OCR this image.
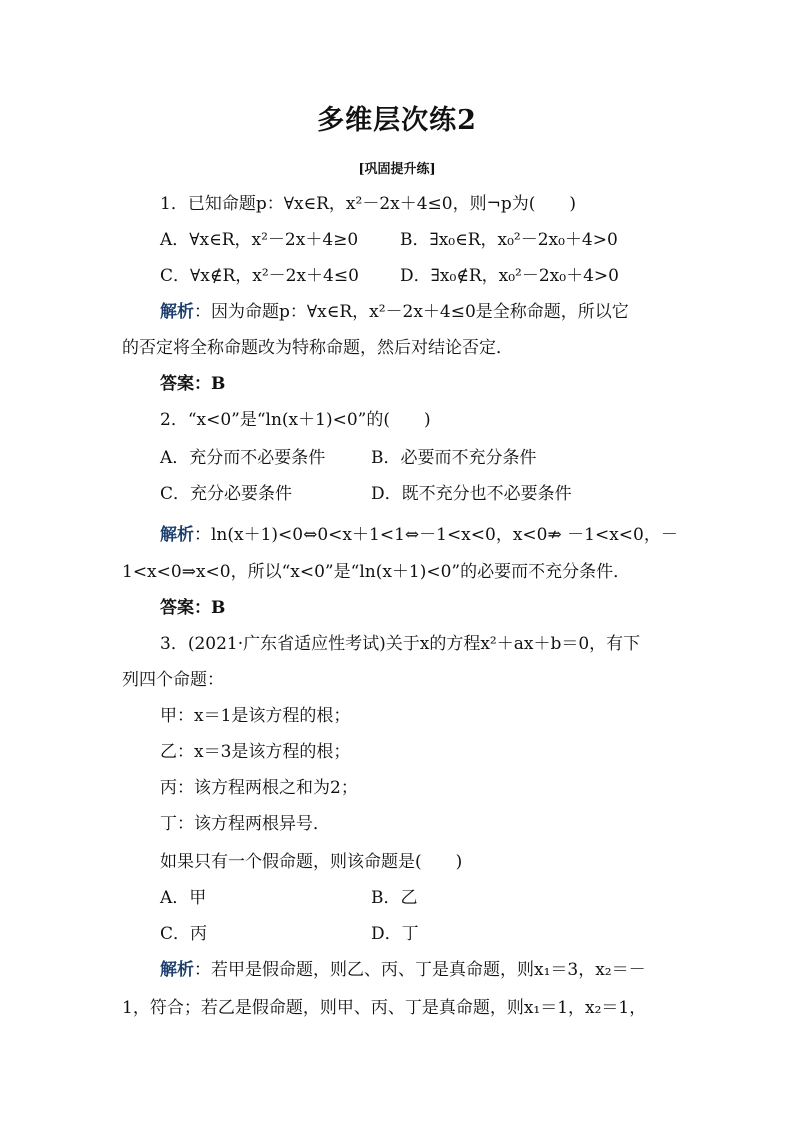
多维层次练2
[巩固提升练]
1．已知命题p：∀x∈R，x²－2x＋4≤0，则¬p为(　　)
A．∀x∈R，x²－2x＋4≥0 B．∃x₀∈R，x₀²－2x₀＋4>0
C．∀x∉R，x²－2x＋4≤0 D．∃x₀∉R，x₀²－2x₀＋4>0
解析：因为命题p：∀x∈R，x²－2x＋4≤0是全称命题，所以它
的否定将全称命题改为特称命题，然后对结论否定．
答案：B
2．“x<0”是“ln(x＋1)<0”的(　　)
A．充分而不必要条件	B．必要而不充分条件
C．充分必要条件	D．既不充分也不必要条件
解析：ln(x＋1)<0⇔0<x＋1<1⇔－1<x<0，x<0⇏ －1<x<0，－
1<x<0⇒x<0，所以“x<0”是“ln(x＋1)<0”的必要而不充分条件．
答案：B
3．(2021·广东省适应性考试)关于x的方程x²＋ax＋b＝0，有下
列四个命题：
甲：x＝1是该方程的根；
乙：x＝3是该方程的根；
丙：该方程两根之和为2；
丁：该方程两根异号．
如果只有一个假命题，则该命题是(　　)
A．甲	B．乙
C．丙	D．丁
解析：若甲是假命题，则乙、丙、丁是真命题，则x₁＝3，x₂＝－
1，符合；若乙是假命题，则甲、丙、丁是真命题，则x₁＝1，x₂＝1，
